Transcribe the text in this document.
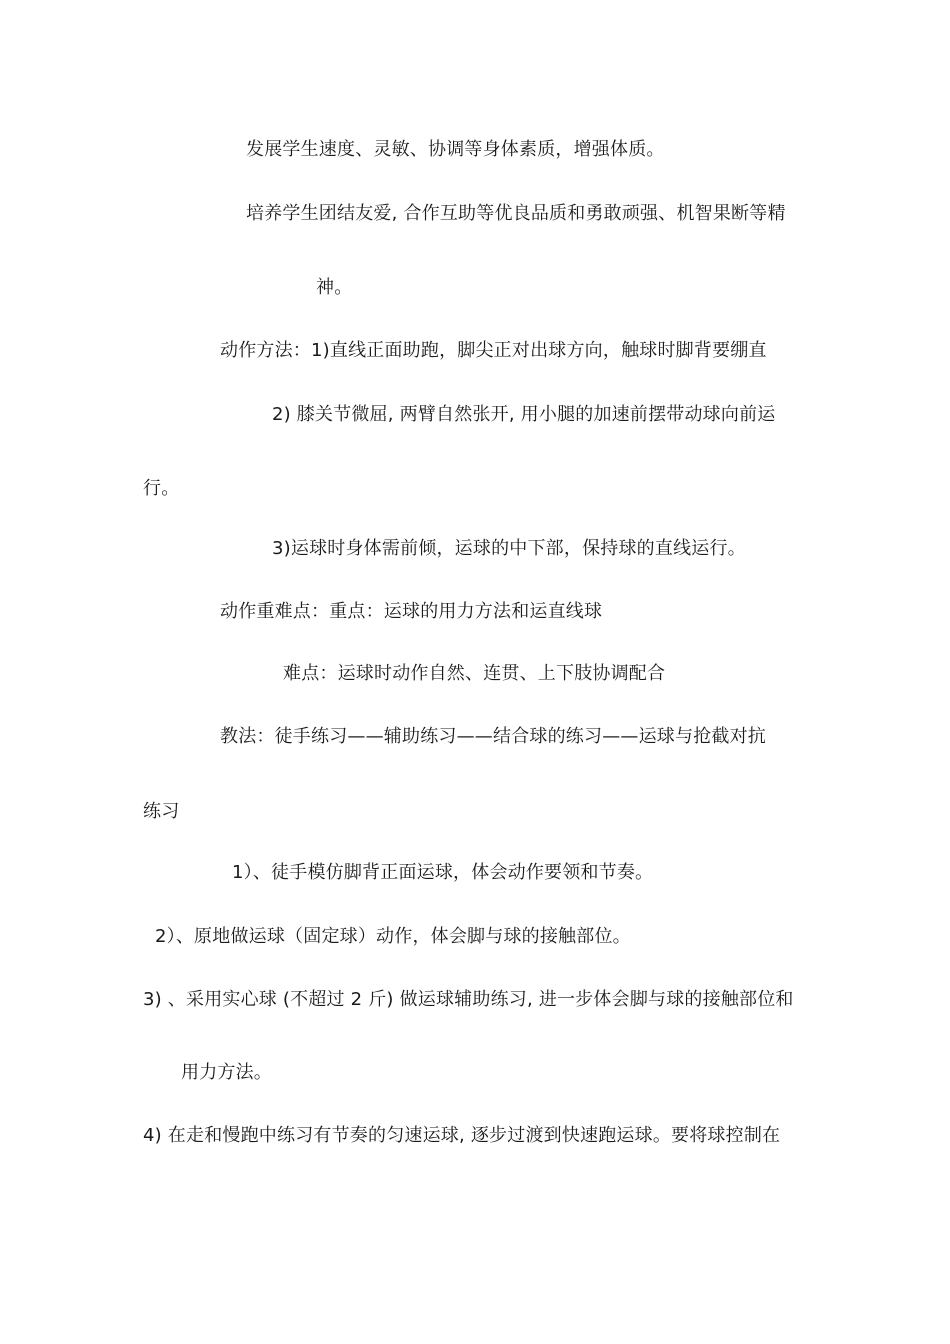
发展学生速度、灵敏、协调等身体素质，增强体质。
培养学生团结友爱, 合作互助等优良品质和勇敢顽强、机智果断等精
神。
动作方法：1)直线正面助跑，脚尖正对出球方向，触球时脚背要绷直
2) 膝关节微屈, 两臂自然张开, 用小腿的加速前摆带动球向前运
行。
3)运球时身体需前倾，运球的中下部，保持球的直线运行。
动作重难点：重点：运球的用力方法和运直线球
难点：运球时动作自然、连贯、上下肢协调配合
教法：徒手练习——辅助练习——结合球的练习——运球与抢截对抗
练习
1）、徒手模仿脚背正面运球，体会动作要领和节奏。
2）、原地做运球（固定球）动作，体会脚与球的接触部位。
3) 、采用实心球 (不超过 2 斤) 做运球辅助练习, 进一步体会脚与球的接触部位和
用力方法。
4) 在走和慢跑中练习有节奏的匀速运球, 逐步过渡到快速跑运球。要将球控制在
